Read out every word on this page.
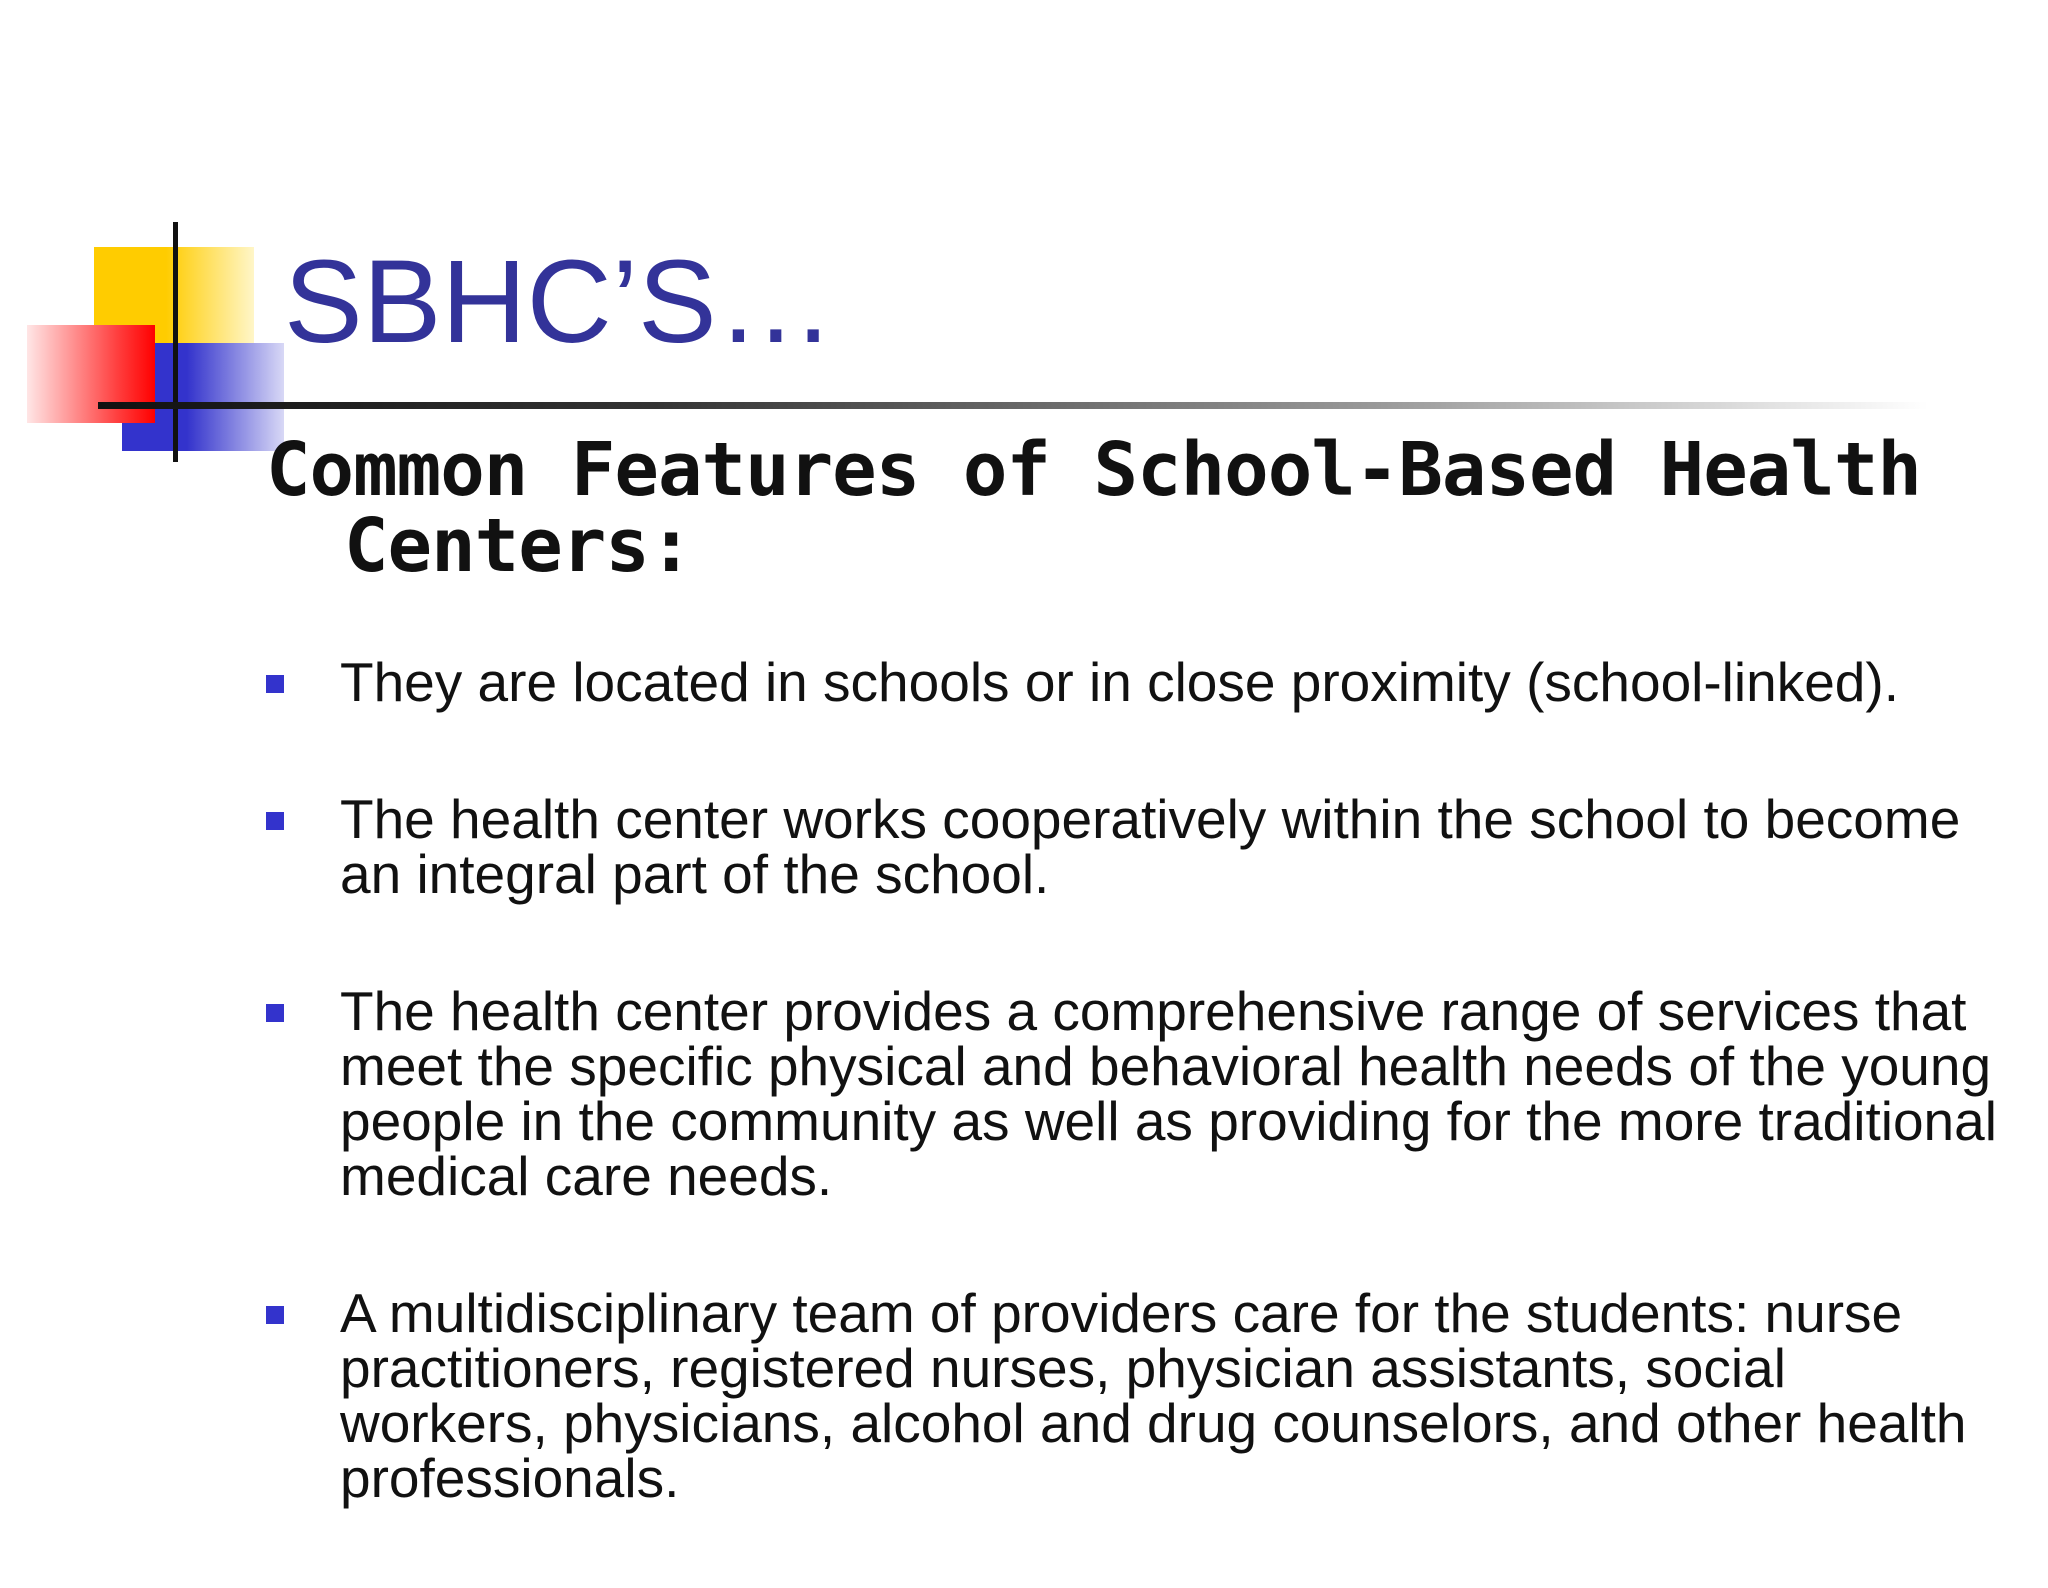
SBHC’S…
Common Features of School-Based Health Centers:
They are located in schools or in close proximity (school-linked).
The health center works cooperatively within the school to become an integral part of the school.
The health center provides a comprehensive range of services that meet the specific physical and behavioral health needs of the young people in the community as well as providing for the more traditional medical care needs.
A multidisciplinary team of providers care for the students: nurse practitioners, registered nurses, physician assistants, social workers, physicians, alcohol and drug counselors, and other health professionals.
